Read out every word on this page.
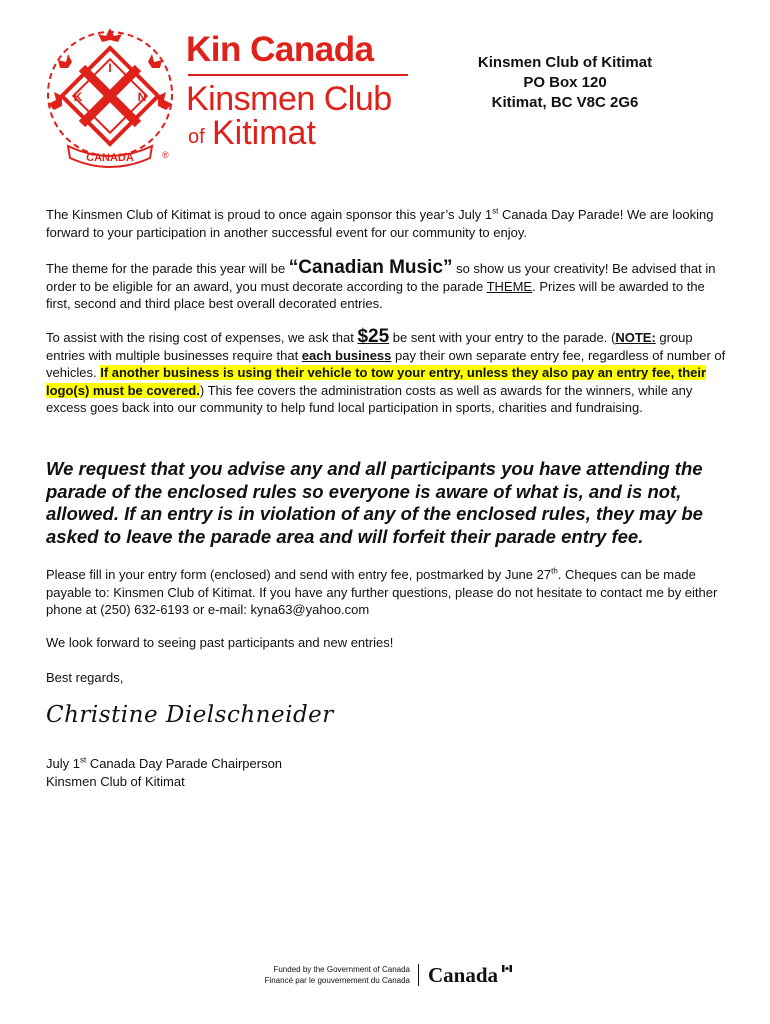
K
I
N
CANADA	®
Kin Canada
Kinsmen Club
of Kitimat
Kinsmen Club of Kitimat
PO Box 120
Kitimat, BC V8C 2G6
The Kinsmen Club of Kitimat is proud to once again sponsor this year’s July 1st Canada Day Parade! We are looking forward to your participation in another successful event for our community to enjoy.
The theme for the parade this year will be “Canadian Music” so show us your creativity! Be advised that in order to be eligible for an award, you must decorate according to the parade THEME. Prizes will be awarded to the first, second and third place best overall decorated entries.
To assist with the rising cost of expenses, we ask that $25 be sent with your entry to the parade. (NOTE: group entries with multiple businesses require that each business pay their own separate entry fee, regardless of number of vehicles. If another business is using their vehicle to tow your entry, unless they also pay an entry fee, their logo(s) must be covered.) This fee covers the administration costs as well as awards for the winners, while any excess goes back into our community to help fund local participation in sports, charities and fundraising.
We request that you advise any and all participants you have attending the parade of the enclosed rules so everyone is aware of what is, and is not, allowed. If an entry is in violation of any of the enclosed rules, they may be asked to leave the parade area and will forfeit their parade entry fee.
Please fill in your entry form (enclosed) and send with entry fee, postmarked by June 27th. Cheques can be made payable to: Kinsmen Club of Kitimat. If you have any further questions, please do not hesitate to contact me by either phone at (250) 632-6193 or e-mail: kyna63@yahoo.com
We look forward to seeing past participants and new entries!
Best regards,
Christine Dielschneider
July 1st Canada Day Parade Chairperson
Kinsmen Club of Kitimat
Funded by the Government of Canada
Financé par le gouvernement du Canada Canada
